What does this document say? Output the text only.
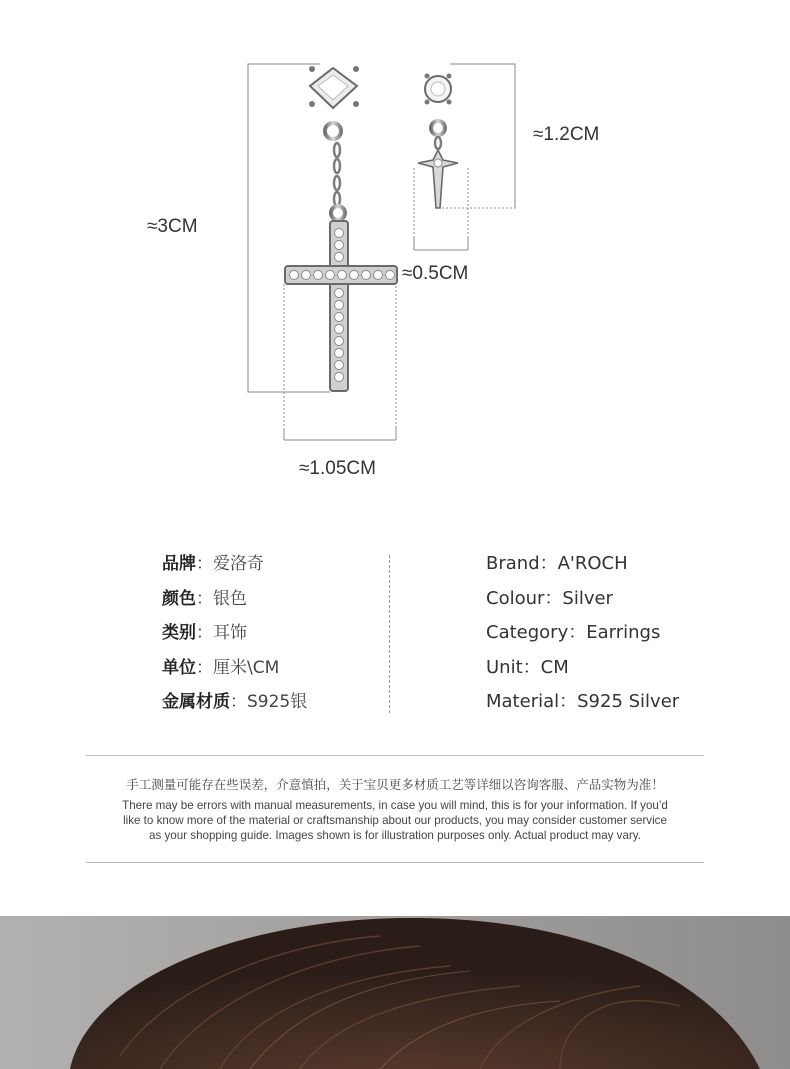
≈3CM
≈1.05CM
≈1.2CM
≈0.5CM
品牌：爱洛奇
颜色：银色
类别：耳饰
单位：厘米\CM
金属材质：S925银
Brand：A'ROCH
Colour：Silver
Category：Earrings
Unit：CM
Material：S925 Silver
手工测量可能存在些误差，介意慎拍，关于宝贝更多材质工艺等详细以咨询客服、产品实物为准！
There may be errors with manual measurements, in case you will mind, this is for your information. If you’d
like to know more of the material or craftsmanship about our products, you may consider customer service
as your shopping guide. Images shown is for illustration purposes only. Actual product may vary.
